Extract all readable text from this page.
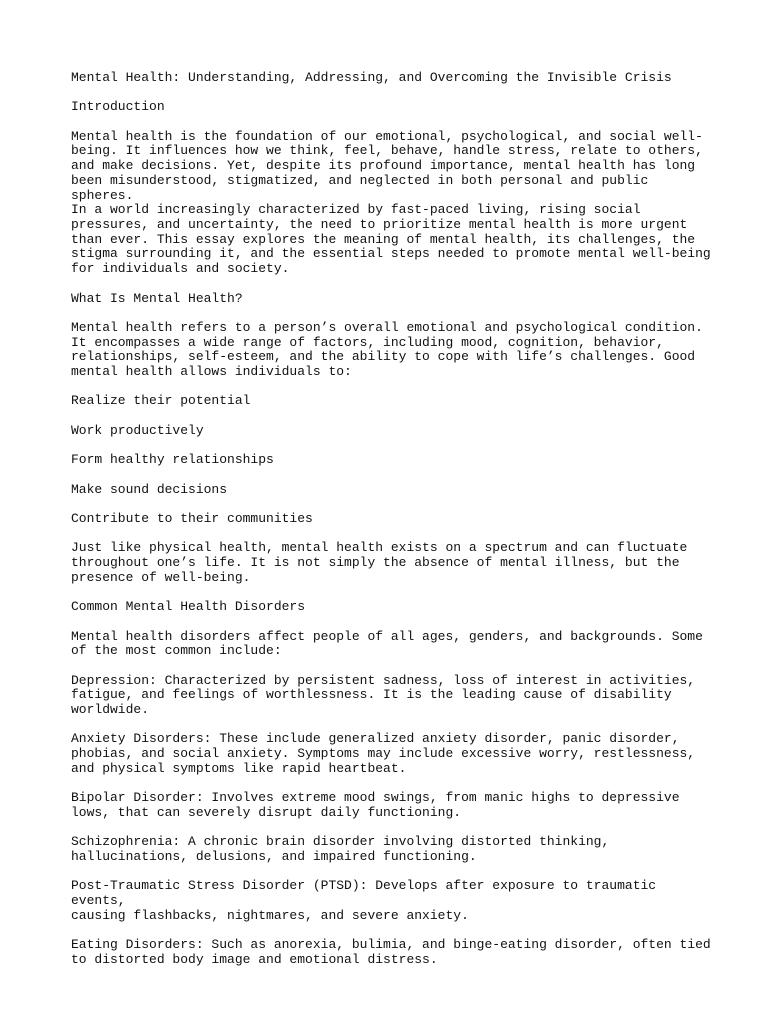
Mental Health: Understanding, Addressing, and Overcoming the Invisible Crisis

Introduction

Mental health is the foundation of our emotional, psychological, and social well-
being. It influences how we think, feel, behave, handle stress, relate to others,
and make decisions. Yet, despite its profound importance, mental health has long
been misunderstood, stigmatized, and neglected in both personal and public spheres.
In a world increasingly characterized by fast-paced living, rising social
pressures, and uncertainty, the need to prioritize mental health is more urgent
than ever. This essay explores the meaning of mental health, its challenges, the
stigma surrounding it, and the essential steps needed to promote mental well-being
for individuals and society.

What Is Mental Health?

Mental health refers to a person’s overall emotional and psychological condition.
It encompasses a wide range of factors, including mood, cognition, behavior,
relationships, self-esteem, and the ability to cope with life’s challenges. Good
mental health allows individuals to:

Realize their potential

Work productively

Form healthy relationships

Make sound decisions

Contribute to their communities

Just like physical health, mental health exists on a spectrum and can fluctuate
throughout one’s life. It is not simply the absence of mental illness, but the
presence of well-being.

Common Mental Health Disorders

Mental health disorders affect people of all ages, genders, and backgrounds. Some
of the most common include:

Depression: Characterized by persistent sadness, loss of interest in activities,
fatigue, and feelings of worthlessness. It is the leading cause of disability
worldwide.

Anxiety Disorders: These include generalized anxiety disorder, panic disorder,
phobias, and social anxiety. Symptoms may include excessive worry, restlessness,
and physical symptoms like rapid heartbeat.

Bipolar Disorder: Involves extreme mood swings, from manic highs to depressive
lows, that can severely disrupt daily functioning.

Schizophrenia: A chronic brain disorder involving distorted thinking,
hallucinations, delusions, and impaired functioning.

Post-Traumatic Stress Disorder (PTSD): Develops after exposure to traumatic events,
causing flashbacks, nightmares, and severe anxiety.

Eating Disorders: Such as anorexia, bulimia, and binge-eating disorder, often tied
to distorted body image and emotional distress.
